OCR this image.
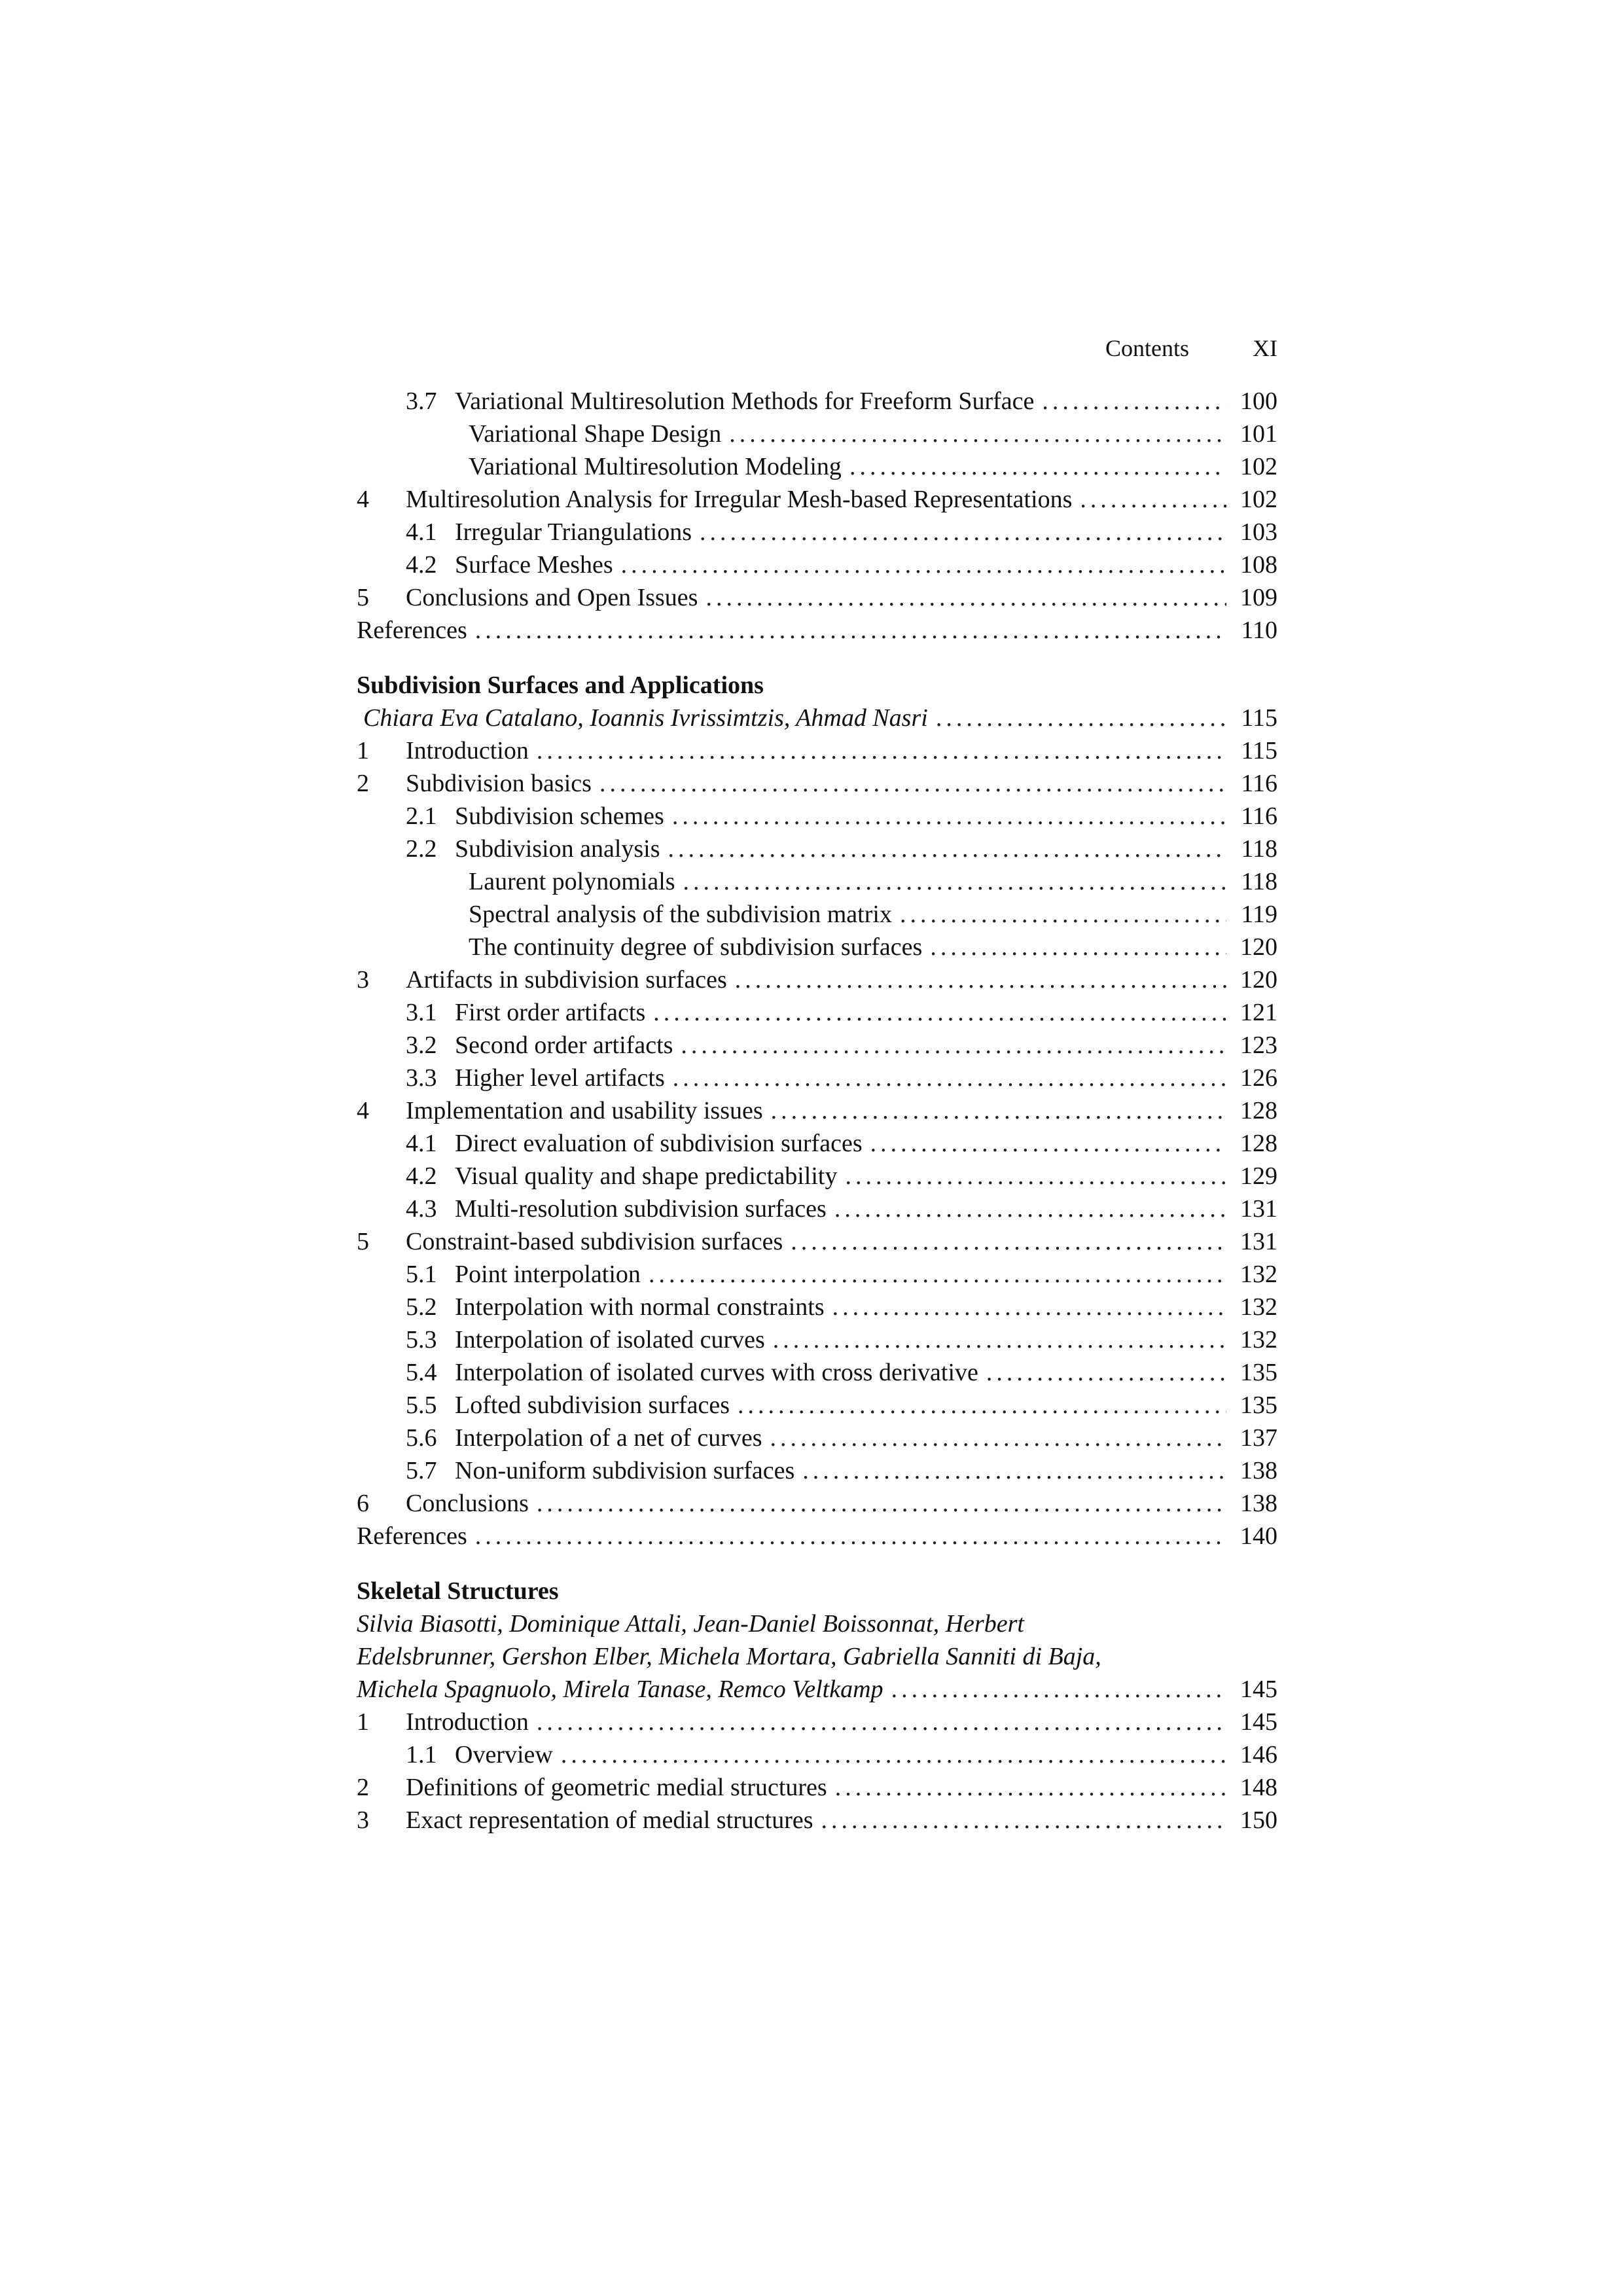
Contents	XI
3.7 Variational Multiresolution Methods for Freeform Surface .....	100
Variational Shape Design .....	101
Variational Multiresolution Modeling .....	102
4	Multiresolution Analysis for Irregular Mesh-based Representations .....	102
4.1 Irregular Triangulations .....	103
4.2 Surface Meshes .....	108
5	Conclusions and Open Issues .....	109
References .....	110
Subdivision Surfaces and Applications
Chiara Eva Catalano, Ioannis Ivrissimtzis, Ahmad Nasri .....	115
1	Introduction .....	115
2	Subdivision basics .....	116
2.1 Subdivision schemes .....	116
2.2 Subdivision analysis .....	118
Laurent polynomials .....	118
Spectral analysis of the subdivision matrix .....	119
The continuity degree of subdivision surfaces .....	120
3	Artifacts in subdivision surfaces .....	120
3.1 First order artifacts .....	121
3.2 Second order artifacts .....	123
3.3 Higher level artifacts .....	126
4	Implementation and usability issues .....	128
4.1 Direct evaluation of subdivision surfaces .....	128
4.2 Visual quality and shape predictability .....	129
4.3 Multi-resolution subdivision surfaces .....	131
5	Constraint-based subdivision surfaces .....	131
5.1 Point interpolation .....	132
5.2 Interpolation with normal constraints .....	132
5.3 Interpolation of isolated curves .....	132
5.4 Interpolation of isolated curves with cross derivative .....	135
5.5 Lofted subdivision surfaces .....	135
5.6 Interpolation of a net of curves .....	137
5.7 Non-uniform subdivision surfaces .....	138
6	Conclusions .....	138
References .....	140
Skeletal Structures
Silvia Biasotti, Dominique Attali, Jean-Daniel Boissonnat, Herbert
Edelsbrunner, Gershon Elber, Michela Mortara, Gabriella Sanniti di Baja,
Michela Spagnuolo, Mirela Tanase, Remco Veltkamp .....	145
1	Introduction .....	145
1.1 Overview .....	146
2	Definitions of geometric medial structures .....	148
3	Exact representation of medial structures .....	150
